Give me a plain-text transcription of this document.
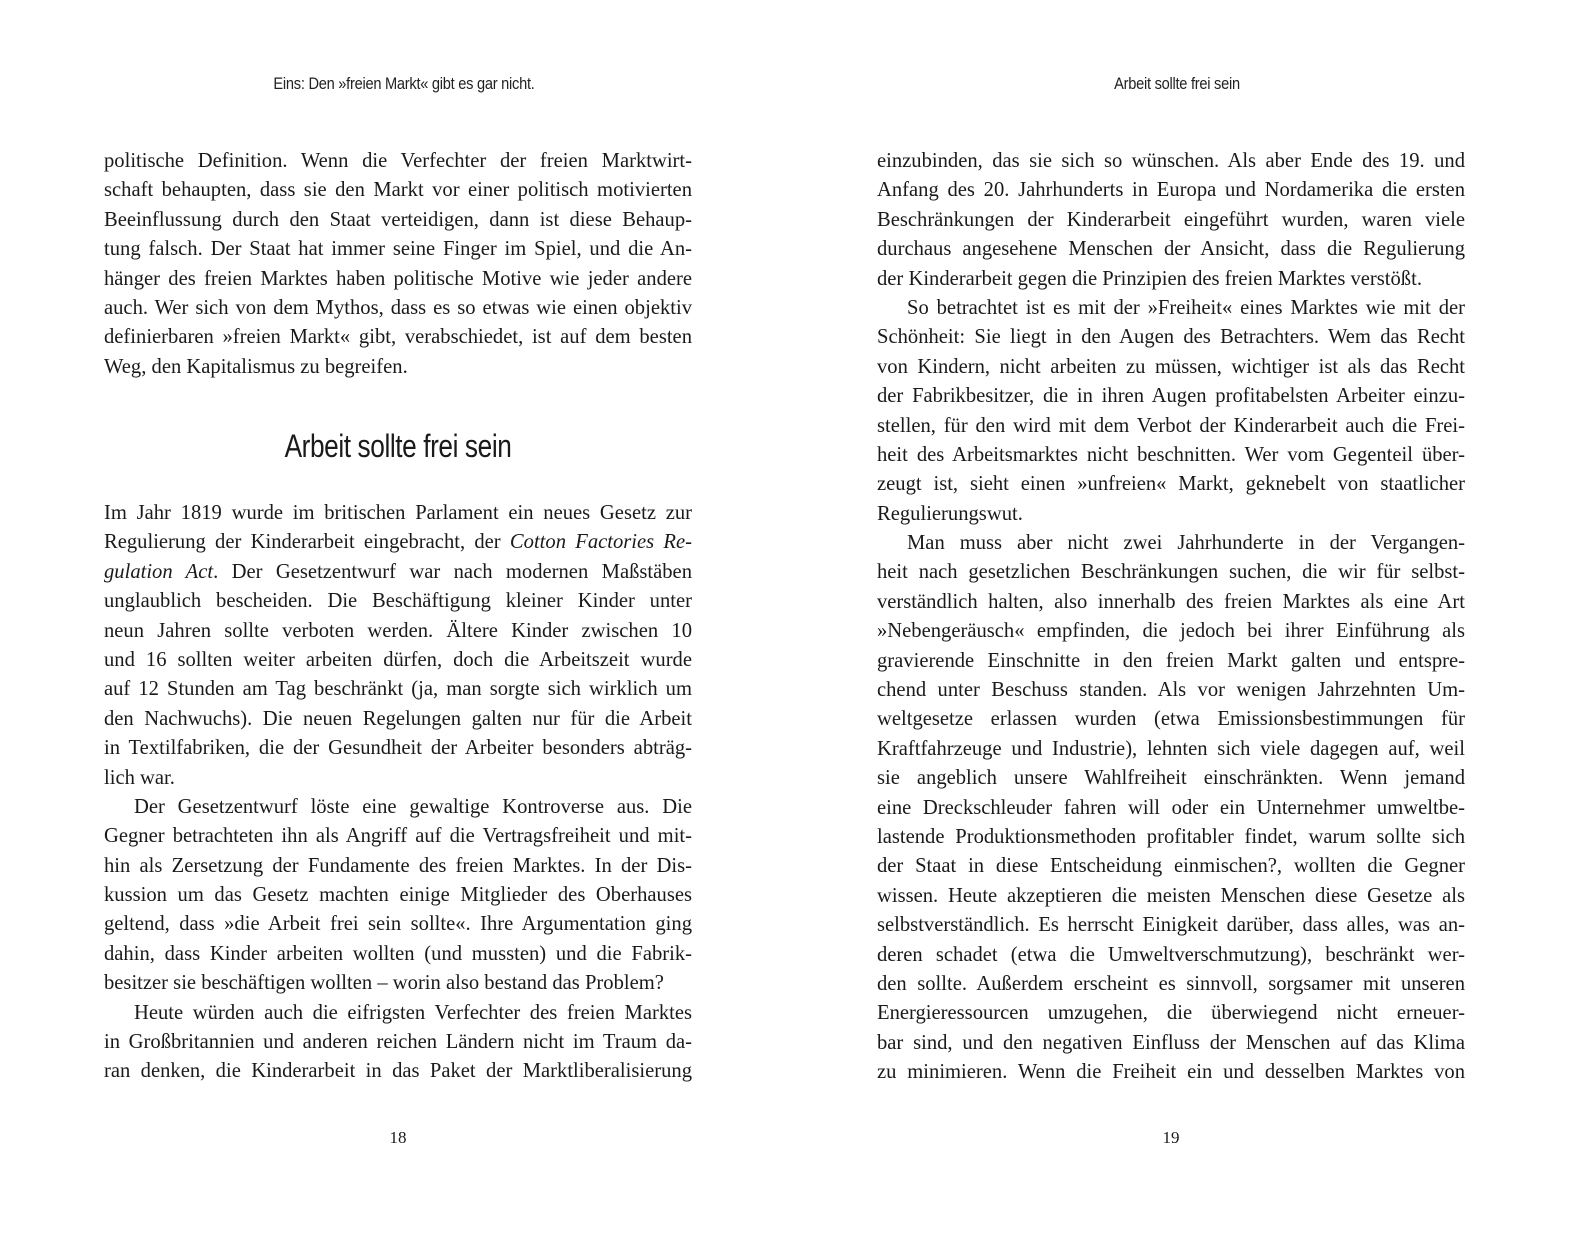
Eins: Den »freien Markt« gibt es gar nicht.
politische Definition. Wenn die Verfechter der freien Marktwirt-
schaft behaupten, dass sie den Markt vor einer politisch motivierten
Beeinflussung durch den Staat verteidigen, dann ist diese Behaup-
tung falsch. Der Staat hat immer seine Finger im Spiel, und die An-
hänger des freien Marktes haben politische Motive wie jeder andere
auch. Wer sich von dem Mythos, dass es so etwas wie einen objektiv
definierbaren »freien Markt« gibt, verabschiedet, ist auf dem besten
Weg, den Kapitalismus zu begreifen.
Arbeit sollte frei sein
Im Jahr 1819 wurde im britischen Parlament ein neues Gesetz zur
Regulierung der Kinderarbeit eingebracht, der Cotton Factories Re-
gulation Act. Der Gesetzentwurf war nach modernen Maßstäben
unglaublich bescheiden. Die Beschäftigung kleiner Kinder unter
neun Jahren sollte verboten werden. Ältere Kinder zwischen 10
und 16 sollten weiter arbeiten dürfen, doch die Arbeitszeit wurde
auf 12 Stunden am Tag beschränkt (ja, man sorgte sich wirklich um
den Nachwuchs). Die neuen Regelungen galten nur für die Arbeit
in Textilfabriken, die der Gesundheit der Arbeiter besonders abträg-
lich war.
Der Gesetzentwurf löste eine gewaltige Kontroverse aus. Die
Gegner betrachteten ihn als Angriff auf die Vertragsfreiheit und mit-
hin als Zersetzung der Fundamente des freien Marktes. In der Dis-
kussion um das Gesetz machten einige Mitglieder des Oberhauses
geltend, dass »die Arbeit frei sein sollte«. Ihre Argumentation ging
dahin, dass Kinder arbeiten wollten (und mussten) und die Fabrik-
besitzer sie beschäftigen wollten – worin also bestand das Problem?
Heute würden auch die eifrigsten Verfechter des freien Marktes
in Großbritannien und anderen reichen Ländern nicht im Traum da-
ran denken, die Kinderarbeit in das Paket der Marktliberalisierung
18
Arbeit sollte frei sein
einzubinden, das sie sich so wünschen. Als aber Ende des 19. und
Anfang des 20. Jahrhunderts in Europa und Nordamerika die ersten
Beschränkungen der Kinderarbeit eingeführt wurden, waren viele
durchaus angesehene Menschen der Ansicht, dass die Regulierung
der Kinderarbeit gegen die Prinzipien des freien Marktes verstößt.
So betrachtet ist es mit der »Freiheit« eines Marktes wie mit der
Schönheit: Sie liegt in den Augen des Betrachters. Wem das Recht
von Kindern, nicht arbeiten zu müssen, wichtiger ist als das Recht
der Fabrikbesitzer, die in ihren Augen profitabelsten Arbeiter einzu-
stellen, für den wird mit dem Verbot der Kinderarbeit auch die Frei-
heit des Arbeitsmarktes nicht beschnitten. Wer vom Gegenteil über-
zeugt ist, sieht einen »unfreien« Markt, geknebelt von staatlicher
Regulierungswut.
Man muss aber nicht zwei Jahrhunderte in der Vergangen-
heit nach gesetzlichen Beschränkungen suchen, die wir für selbst-
verständlich halten, also innerhalb des freien Marktes als eine Art
»Nebengeräusch« empfinden, die jedoch bei ihrer Einführung als
gravierende Einschnitte in den freien Markt galten und entspre-
chend unter Beschuss standen. Als vor wenigen Jahrzehnten Um-
weltgesetze erlassen wurden (etwa Emissionsbestimmungen für
Kraftfahrzeuge und Industrie), lehnten sich viele dagegen auf, weil
sie angeblich unsere Wahlfreiheit einschränkten. Wenn jemand
eine Dreckschleuder fahren will oder ein Unternehmer umweltbe-
lastende Produktionsmethoden profitabler findet, warum sollte sich
der Staat in diese Entscheidung einmischen?, wollten die Gegner
wissen. Heute akzeptieren die meisten Menschen diese Gesetze als
selbstverständlich. Es herrscht Einigkeit darüber, dass alles, was an-
deren schadet (etwa die Umweltverschmutzung), beschränkt wer-
den sollte. Außerdem erscheint es sinnvoll, sorgsamer mit unseren
Energieressourcen umzugehen, die überwiegend nicht erneuer-
bar sind, und den negativen Einfluss der Menschen auf das Klima
zu minimieren. Wenn die Freiheit ein und desselben Marktes von
19
